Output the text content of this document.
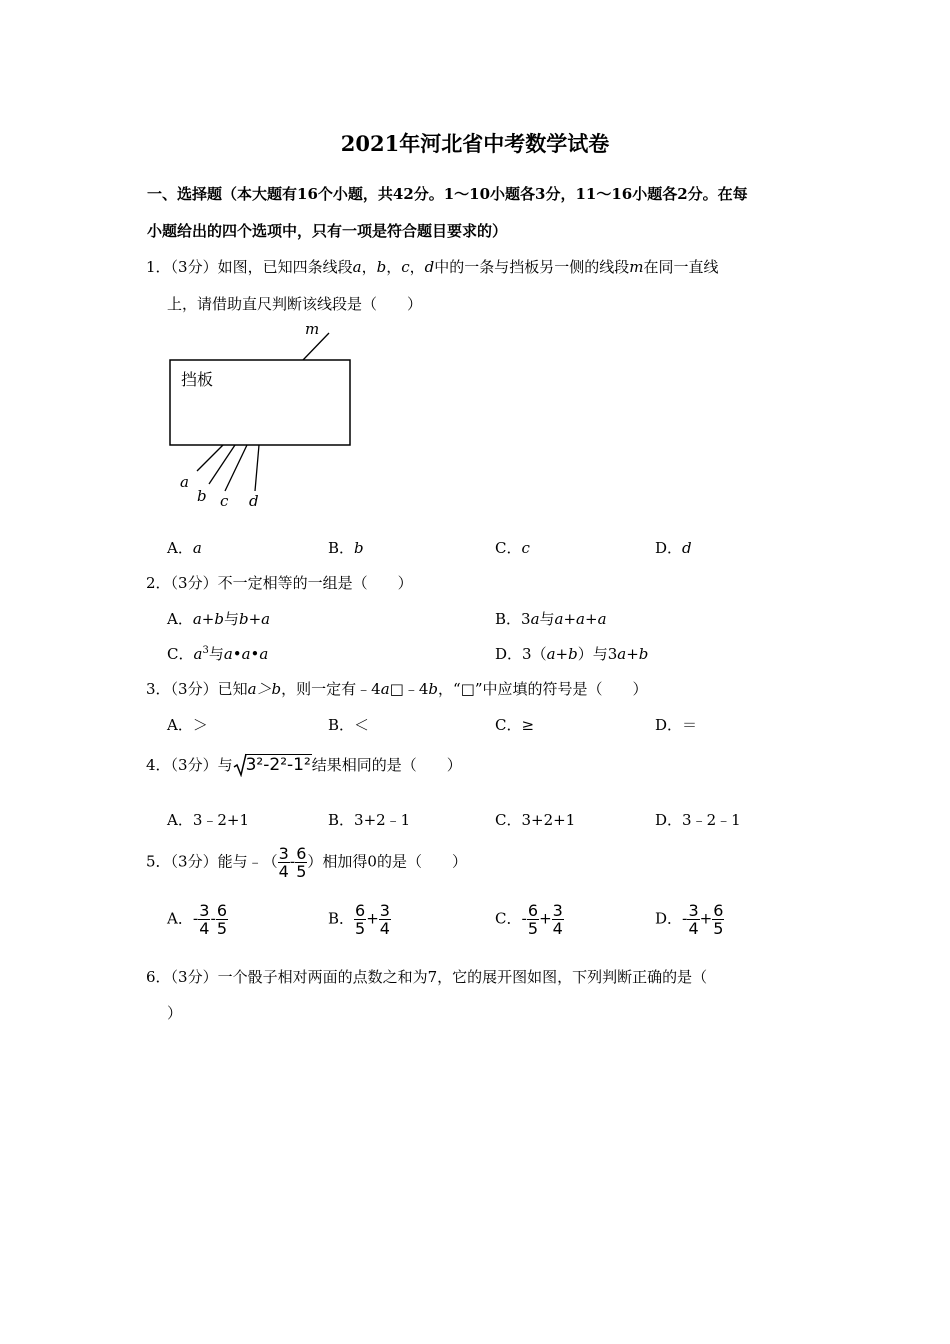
2021年河北省中考数学试卷
一、选择题（本大题有16个小题，共42分。1～10小题各3分，11～16小题各2分。在每
小题给出的四个选项中，只有一项是符合题目要求的）
1．（3分）如图，已知四条线段a，b，c，d中的一条与挡板另一侧的线段m在同一直线
上，请借助直尺判断该线段是（　　）
挡板
m
a
b c d
A．a	B．b	C．c	D．d
2．（3分）不一定相等的一组是（　　）
A．a+b与b+a	B．3a与a+a+a
C．$a^3$与a•a•a	D．3（a+b）与3a+b
3．（3分）已知a＞b，则一定有﹣4a□﹣4b，“□”中应填的符号是（　　）
A．＞	B．＜	C．≥	D．＝
4．（3分）与 3²-2²-1²结果相同的是（　　）
A．3﹣2+1	B．3+2﹣1	C．3+2+1	D．3﹣2﹣1
5．（3分）能与﹣（ $\frac{3}{4} - \frac{6}{5}$ ）相加得0的是（　　）
A．- $\frac{3}{4} - \frac{6}{5}$	B． $\frac{6}{5} + \frac{3}{4}$	C．- $\frac{6}{5} + \frac{3}{4}$	D．- $\frac{3}{4} + \frac{6}{5}$
6．（3分）一个骰子相对两面的点数之和为7，它的展开图如图，下列判断正确的是（
）
